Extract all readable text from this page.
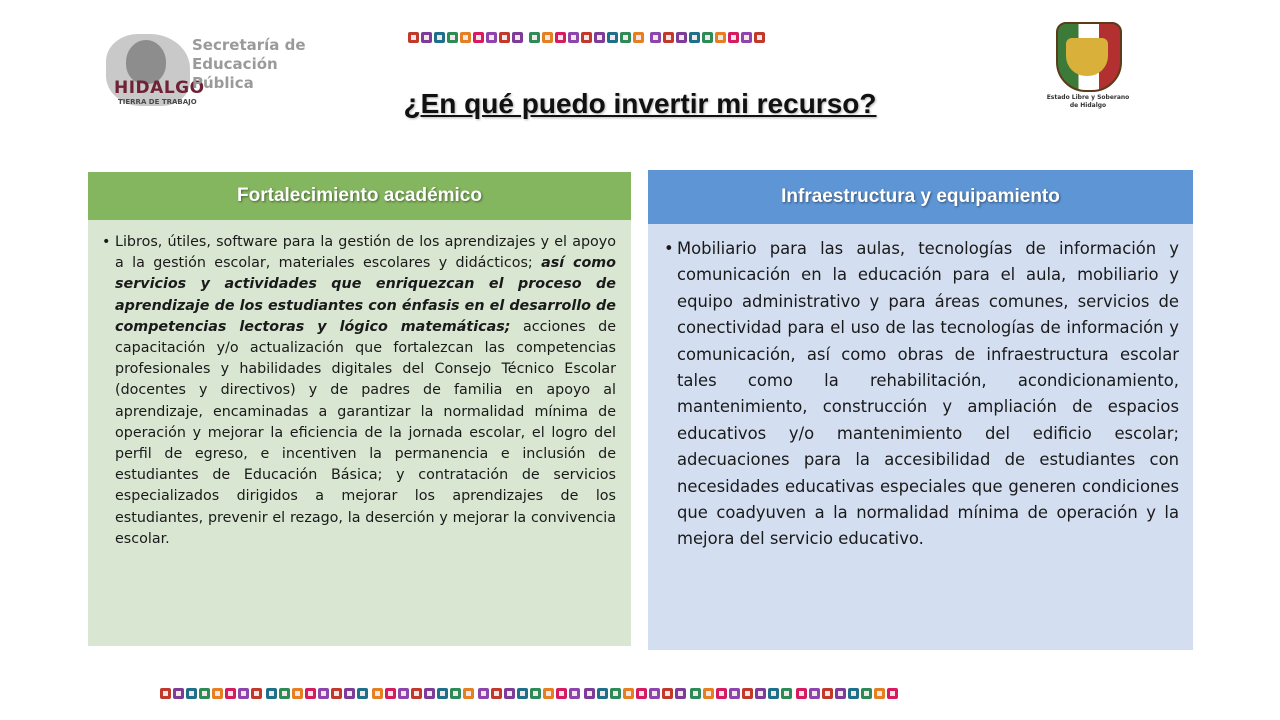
HIDALGO
TIERRA DE TRABAJO
Secretaría de Educación Pública
Estado Libre y Soberano de Hidalgo
¿En qué puedo invertir mi recurso?
Fortalecimiento académico
• Libros, útiles, software para la gestión de los aprendizajes y el apoyo a la gestión escolar, materiales escolares y didácticos; así como servicios y actividades que enriquezcan el proceso de aprendizaje de los estudiantes con énfasis en el desarrollo de competencias lectoras y lógico matemáticas; acciones de capacitación y/o actualización que fortalezcan las competencias profesionales y habilidades digitales del Consejo Técnico Escolar (docentes y directivos) y de padres de familia en apoyo al aprendizaje, encaminadas a garantizar la normalidad mínima de operación y mejorar la eficiencia de la jornada escolar, el logro del perfil de egreso, e incentiven la permanencia e inclusión de estudiantes de Educación Básica; y contratación de servicios especializados dirigidos a mejorar los aprendizajes de los estudiantes, prevenir el rezago, la deserción y mejorar la convivencia escolar.
Infraestructura y equipamiento
• Mobiliario para las aulas, tecnologías de información y comunicación en la educación para el aula, mobiliario y equipo administrativo y para áreas comunes, servicios de conectividad para el uso de las tecnologías de información y comunicación, así como obras de infraestructura escolar tales como la rehabilitación, acondicionamiento, mantenimiento, construcción y ampliación de espacios educativos y/o mantenimiento del edificio escolar; adecuaciones para la accesibilidad de estudiantes con necesidades educativas especiales que generen condiciones que coadyuven a la normalidad mínima de operación y la mejora del servicio educativo.
